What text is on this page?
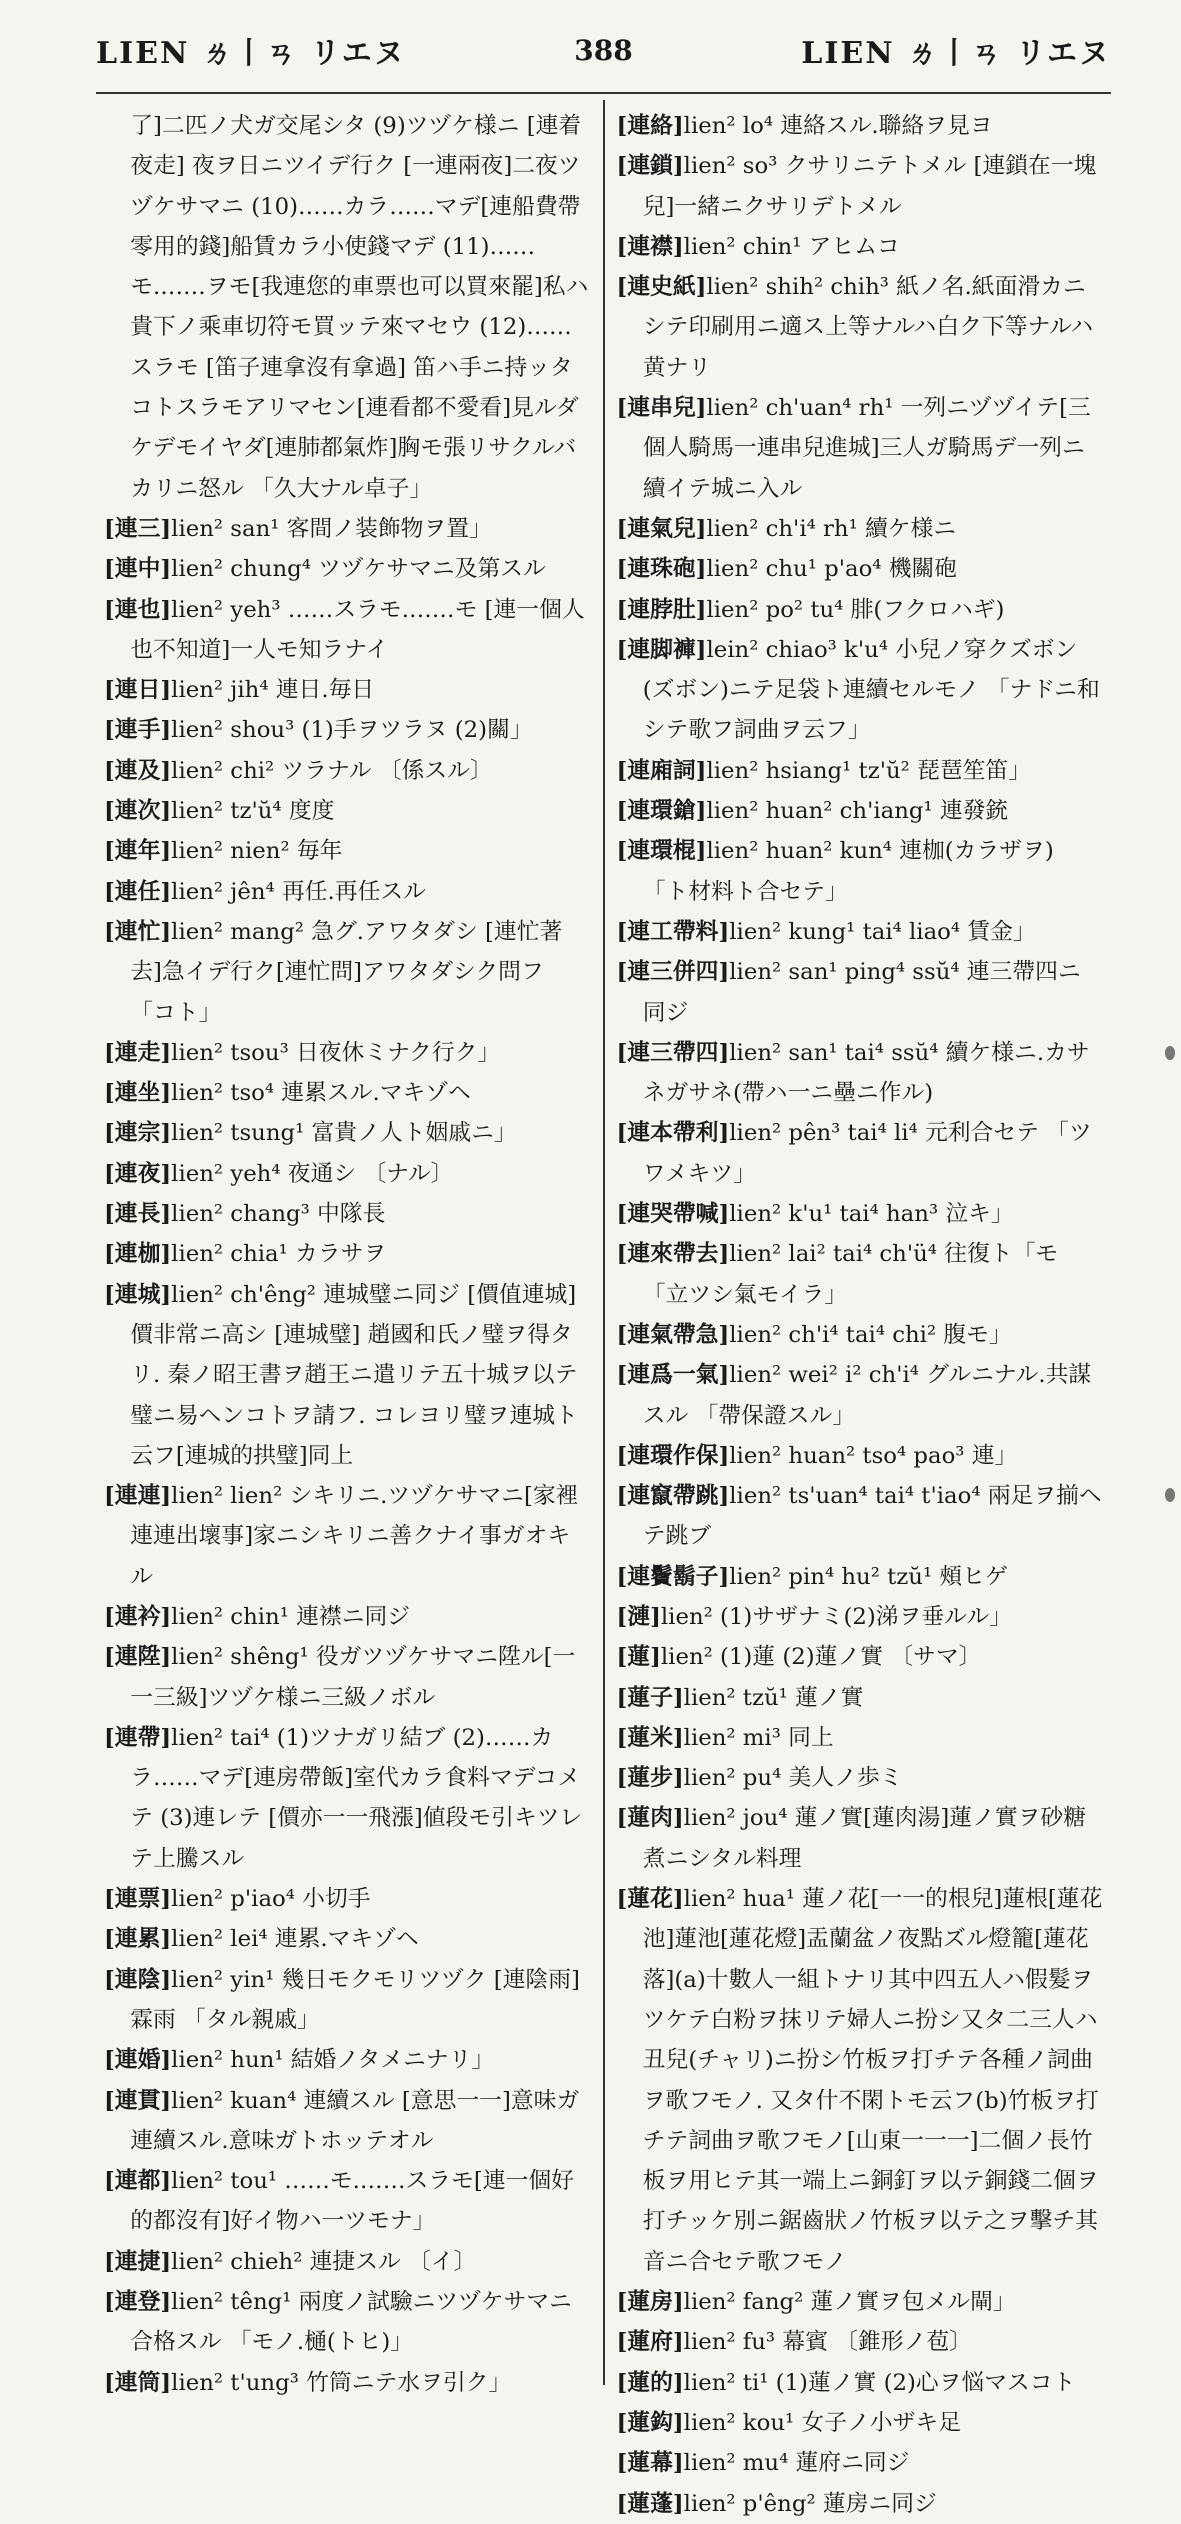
LIEN ㄌ丨ㄢ リエヌ	388	LIEN ㄌ丨ㄢ リエヌ

了]二匹ノ犬ガ交尾シタ (9)ツヅケ様ニ [連着夜走] 夜ヲ日ニツイデ行ク [一連兩夜]二夜ツヅケサマニ (10)……カラ……マデ[連船費帶零用的錢]船賃カラ小使錢マデ (11)……モ.……ヲモ[我連您的車票也可以買來罷]私ハ貴下ノ乘車切符モ買ッテ來マセウ (12)……スラモ [笛子連拿沒有拿過] 笛ハ手ニ持ッタコトスラモアリマセン[連看都不愛看]見ルダケデモイヤダ[連肺都氣炸]胸モ張リサクルバカリニ怒ル 「久大ナル卓子」

[連三]lien² san¹ 客間ノ装飾物ヲ置」

[連中]lien² chung⁴ ツヅケサマニ及第スル

[連也]lien² yeh³ ……スラモ.……モ [連一個人也不知道]一人モ知ラナイ

[連日]lien² jih⁴ 連日.毎日

[連手]lien² shou³ (1)手ヲツラヌ (2)關」

[連及]lien² chi² ツラナル 〔係スル〕

[連次]lien² tz'ŭ⁴ 度度

[連年]lien² nien² 毎年

[連任]lien² jên⁴ 再任.再任スル

[連忙]lien² mang² 急グ.アワタダシ [連忙著去]急イデ行ク[連忙問]アワタダシク問フ 「コト」

[連走]lien² tsou³ 日夜休ミナク行ク」

[連坐]lien² tso⁴ 連累スル.マキゾヘ

[連宗]lien² tsung¹ 富貴ノ人ト姻戚ニ」

[連夜]lien² yeh⁴ 夜通シ 〔ナル〕

[連長]lien² chang³ 中隊長

[連枷]lien² chia¹ カラサヲ

[連城]lien² ch'êng² 連城璧ニ同ジ [價值連城]價非常ニ高シ [連城璧] 趙國和氏ノ璧ヲ得タリ. 秦ノ昭王書ヲ趙王ニ遣リテ五十城ヲ以テ璧ニ易ヘンコトヲ請フ. コレヨリ璧ヲ連城ト云フ[連城的拱璧]同上

[連連]lien² lien² シキリニ.ツヅケサマニ[家裡連連出壞事]家ニシキリニ善クナイ事ガオキル

[連衿]lien² chin¹ 連襟ニ同ジ

[連陞]lien² shêng¹ 役ガツヅケサマニ陞ル[一一三級]ツヅケ様ニ三級ノボル

[連帶]lien² tai⁴ (1)ツナガリ結ブ (2)……カラ……マデ[連房帶飯]室代カラ食料マデコメテ (3)連レテ [價亦一一飛漲]値段モ引キツレテ上騰スル

[連票]lien² p'iao⁴ 小切手

[連累]lien² lei⁴ 連累.マキゾヘ

[連陰]lien² yin¹ 幾日モクモリツヅク [連陰雨]霖雨 「タル親戚」

[連婚]lien² hun¹ 結婚ノタメニナリ」

[連貫]lien² kuan⁴ 連續スル [意思一一]意味ガ連續スル.意味ガトホッテオル

[連都]lien² tou¹ ……モ.……スラモ[連一個好的都沒有]好イ物ハ一ツモナ」

[連捷]lien² chieh² 連捷スル 〔イ〕

[連登]lien² têng¹ 兩度ノ試驗ニツヅケサマニ合格スル 「モノ.樋(トヒ)」

[連筒]lien² t'ung³ 竹筒ニテ水ヲ引ク」

[連絡]lien² lo⁴ 連絡スル.聯絡ヲ見ヨ

[連鎖]lien² so³ クサリニテトメル [連鎖在一塊兒]一緒ニクサリデトメル

[連襟]lien² chin¹ アヒムコ

[連史紙]lien² shih² chih³ 紙ノ名.紙面滑カニシテ印刷用ニ適ス上等ナルハ白ク下等ナルハ黄ナリ

[連串兒]lien² ch'uan⁴ rh¹ 一列ニヅヅイテ[三個人騎馬一連串兒進城]三人ガ騎馬デ一列ニ續イテ城ニ入ル

[連氣兒]lien² ch'i⁴ rh¹ 續ケ様ニ

[連珠砲]lien² chu¹ p'ao⁴ 機關砲

[連脖肚]lien² po² tu⁴ 腓(フクロハギ)

[連脚褲]lein² chiao³ k'u⁴ 小兒ノ穿クズボン(ズボン)ニテ足袋ト連續セルモノ 「ナドニ和シテ歌フ詞曲ヲ云フ」

[連廂詞]lien² hsiang¹ tz'ŭ² 琵琶笙笛」

[連環鎗]lien² huan² ch'iang¹ 連發銃

[連環棍]lien² huan² kun⁴ 連枷(カラザヲ) 「ト材料ト合セテ」

[連工帶料]lien² kung¹ tai⁴ liao⁴ 賃金」

[連三併四]lien² san¹ ping⁴ ssŭ⁴ 連三帶四ニ同ジ

[連三帶四]lien² san¹ tai⁴ ssŭ⁴ 續ケ様ニ.カサネガサネ(帶ハ一ニ壘ニ作ル)

[連本帶利]lien² pên³ tai⁴ li⁴ 元利合セテ 「ツワメキツ」

[連哭帶喊]lien² k'u¹ tai⁴ han³ 泣キ」

[連來帶去]lien² lai² tai⁴ ch'ü⁴ 往復ト「モ 「立ツシ氣モイラ」

[連氣帶急]lien² ch'i⁴ tai⁴ chi² 腹モ」

[連爲一氣]lien² wei² i² ch'i⁴ グルニナル.共謀スル 「帶保證スル」

[連環作保]lien² huan² tso⁴ pao³ 連」

[連竄帶跳]lien² ts'uan⁴ tai⁴ t'iao⁴ 兩足ヲ揃ヘテ跳ブ

[連鬢鬍子]lien² pin⁴ hu² tzŭ¹ 頰ヒゲ

[漣]lien² (1)サザナミ(2)涕ヲ垂ルル」

[蓮]lien² (1)蓮 (2)蓮ノ實 〔サマ〕

[蓮子]lien² tzŭ¹ 蓮ノ實

[蓮米]lien² mi³ 同上

[蓮步]lien² pu⁴ 美人ノ歩ミ

[蓮肉]lien² jou⁴ 蓮ノ實[蓮肉湯]蓮ノ實ヲ砂糖煮ニシタル料理

[蓮花]lien² hua¹ 蓮ノ花[一一的根兒]蓮根[蓮花池]蓮池[蓮花燈]盂蘭盆ノ夜點ズル燈籠[蓮花落](a)十數人一組トナリ其中四五人ハ假髮ヲツケテ白粉ヲ抹リテ婦人ニ扮シ又タ二三人ハ丑兒(チャリ)ニ扮シ竹板ヲ打チテ各種ノ詞曲ヲ歌フモノ. 又タ什不閑トモ云フ(b)竹板ヲ打チテ詞曲ヲ歌フモノ[山東一一一]二個ノ長竹板ヲ用ヒテ其一端上ニ銅釘ヲ以テ銅錢二個ヲ打チッケ別ニ鋸齒狀ノ竹板ヲ以テ之ヲ擊チ其音ニ合セテ歌フモノ

[蓮房]lien² fang² 蓮ノ實ヲ包メル閘」

[蓮府]lien² fu³ 幕賓 〔錐形ノ苞〕

[蓮的]lien² ti¹ (1)蓮ノ實 (2)心ヲ悩マスコト

[蓮鈎]lien² kou¹ 女子ノ小ザキ足

[蓮幕]lien² mu⁴ 蓮府ニ同ジ

[蓮蓬]lien² p'êng² 蓮房ニ同ジ
